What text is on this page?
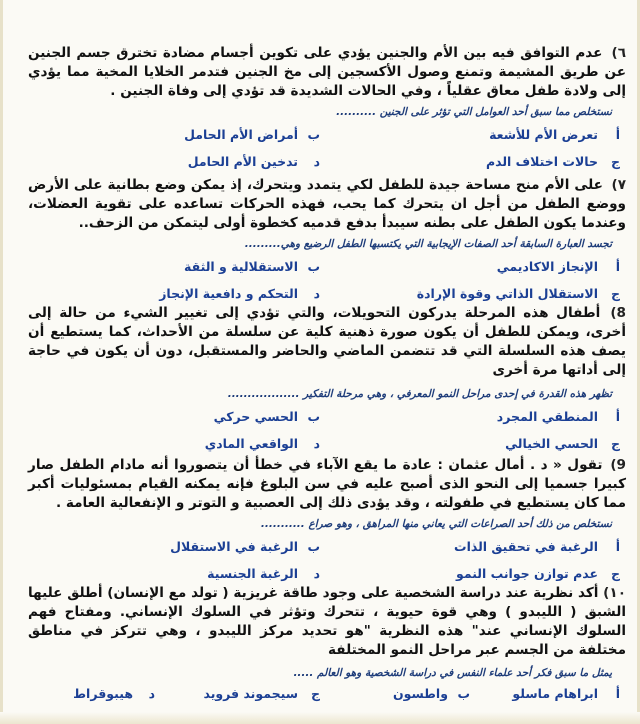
٦) عدم التوافق فيه بين الأم والجنين يؤدي على تكوين أجسام مضادة تخترق جسم الجنين عن طريق المشيمة وتمنع وصول الأكسجين إلى مخ الجنين فتدمر الخلايا المخية مما يؤدي إلى ولادة طفل معاق عقلياً ، وفي الحالات الشديدة قد تؤدي إلى وفاة الجنين .
نستخلص مما سبق أحد العوامل التي تؤثر على الجنين ..........
أتعرض الأم للأشعة
بأمراض الأم الحامل
جحالات اختلاف الدم
دتدخين الأم الحامل
٧) على الأم منح مساحة جيدة للطفل لكي يتمدد ويتحرك، إذ يمكن وضع بطانية على الأرض ووضع الطفل من أجل ان يتحرك كما يحب، فهذه الحركات تساعده على تقوية العضلات، وعندما يكون الطفل على بطنه سيبدأ بدفع قدميه كخطوة أولى ليتمكن من الزحف..
تجسد العبارة السابقة أحد الصفات الإيجابية التي يكتسبها الطفل الرضيع وهي.........
أالإنجاز الاكاديمي
بالاستقلالية و الثقة
جالاستقلال الذاتي وقوة الإرادة
دالتحكم و دافعية الإنجاز
8) أطفال هذه المرحلة يدركون التحويلات، والتي تؤدي إلى تغيير الشيء من حالة إلى أخرى، ويمكن للطفل أن يكون صورة ذهنية كلية عن سلسلة من الأحداث، كما يستطيع أن يصف هذه السلسلة التي قد تتضمن الماضي والحاضر والمستقبل، دون أن يكون في حاجة إلى أداتها مرة أخرى
تظهر هذه القدرة في إحدى مراحل النمو المعرفي ، وهي مرحلة التفكير ..................
أالمنطقي المجرد
بالحسي حركي
جالحسي الخيالي
دالواقعي المادي
9) تقول « د . أمال عثمان : عادة ما يقع الآباء في خطأ أن يتصوروا أنه مادام الطفل صار كبيرا جسميا إلى النحو الذى أصبح عليه في سن البلوغ فإنه يمكنه القيام بمسئوليات أكبر مما كان يستطيع في طفولته ، وقد يؤدى ذلك إلى العصبية و التوتر و الإنفعالية العامة .
نستخلص من ذلك أحد الصراعات التي يعاني منها المراهق ، وهو صراع ...........
أالرغبة في تحقيق الذات
بالرغبة في الاستقلال
جعدم توازن جوانب النمو
دالرغبة الجنسية
١٠) أكد نظرية عند دراسة الشخصية على وجود طاقة غريزية ( تولد مع الإنسان) أطلق عليها الشبق ( الليبدو ) وهي قوة حيوية ، تتحرك وتؤثر في السلوك الإنساني. ومفتاح فهم السلوك الإنساني عند" هذه النظرية "هو تحديد مركز الليبدو ، وهي تتركز في مناطق مختلفة من الجسم عبر مراحل النمو المختلفة
يمثل ما سبق فكر أحد علماء النفس في دراسة الشخصية وهو العالم .....
أابراهام ماسلو
بواطسون
جسيجموند فرويد
دهيبوقراط
